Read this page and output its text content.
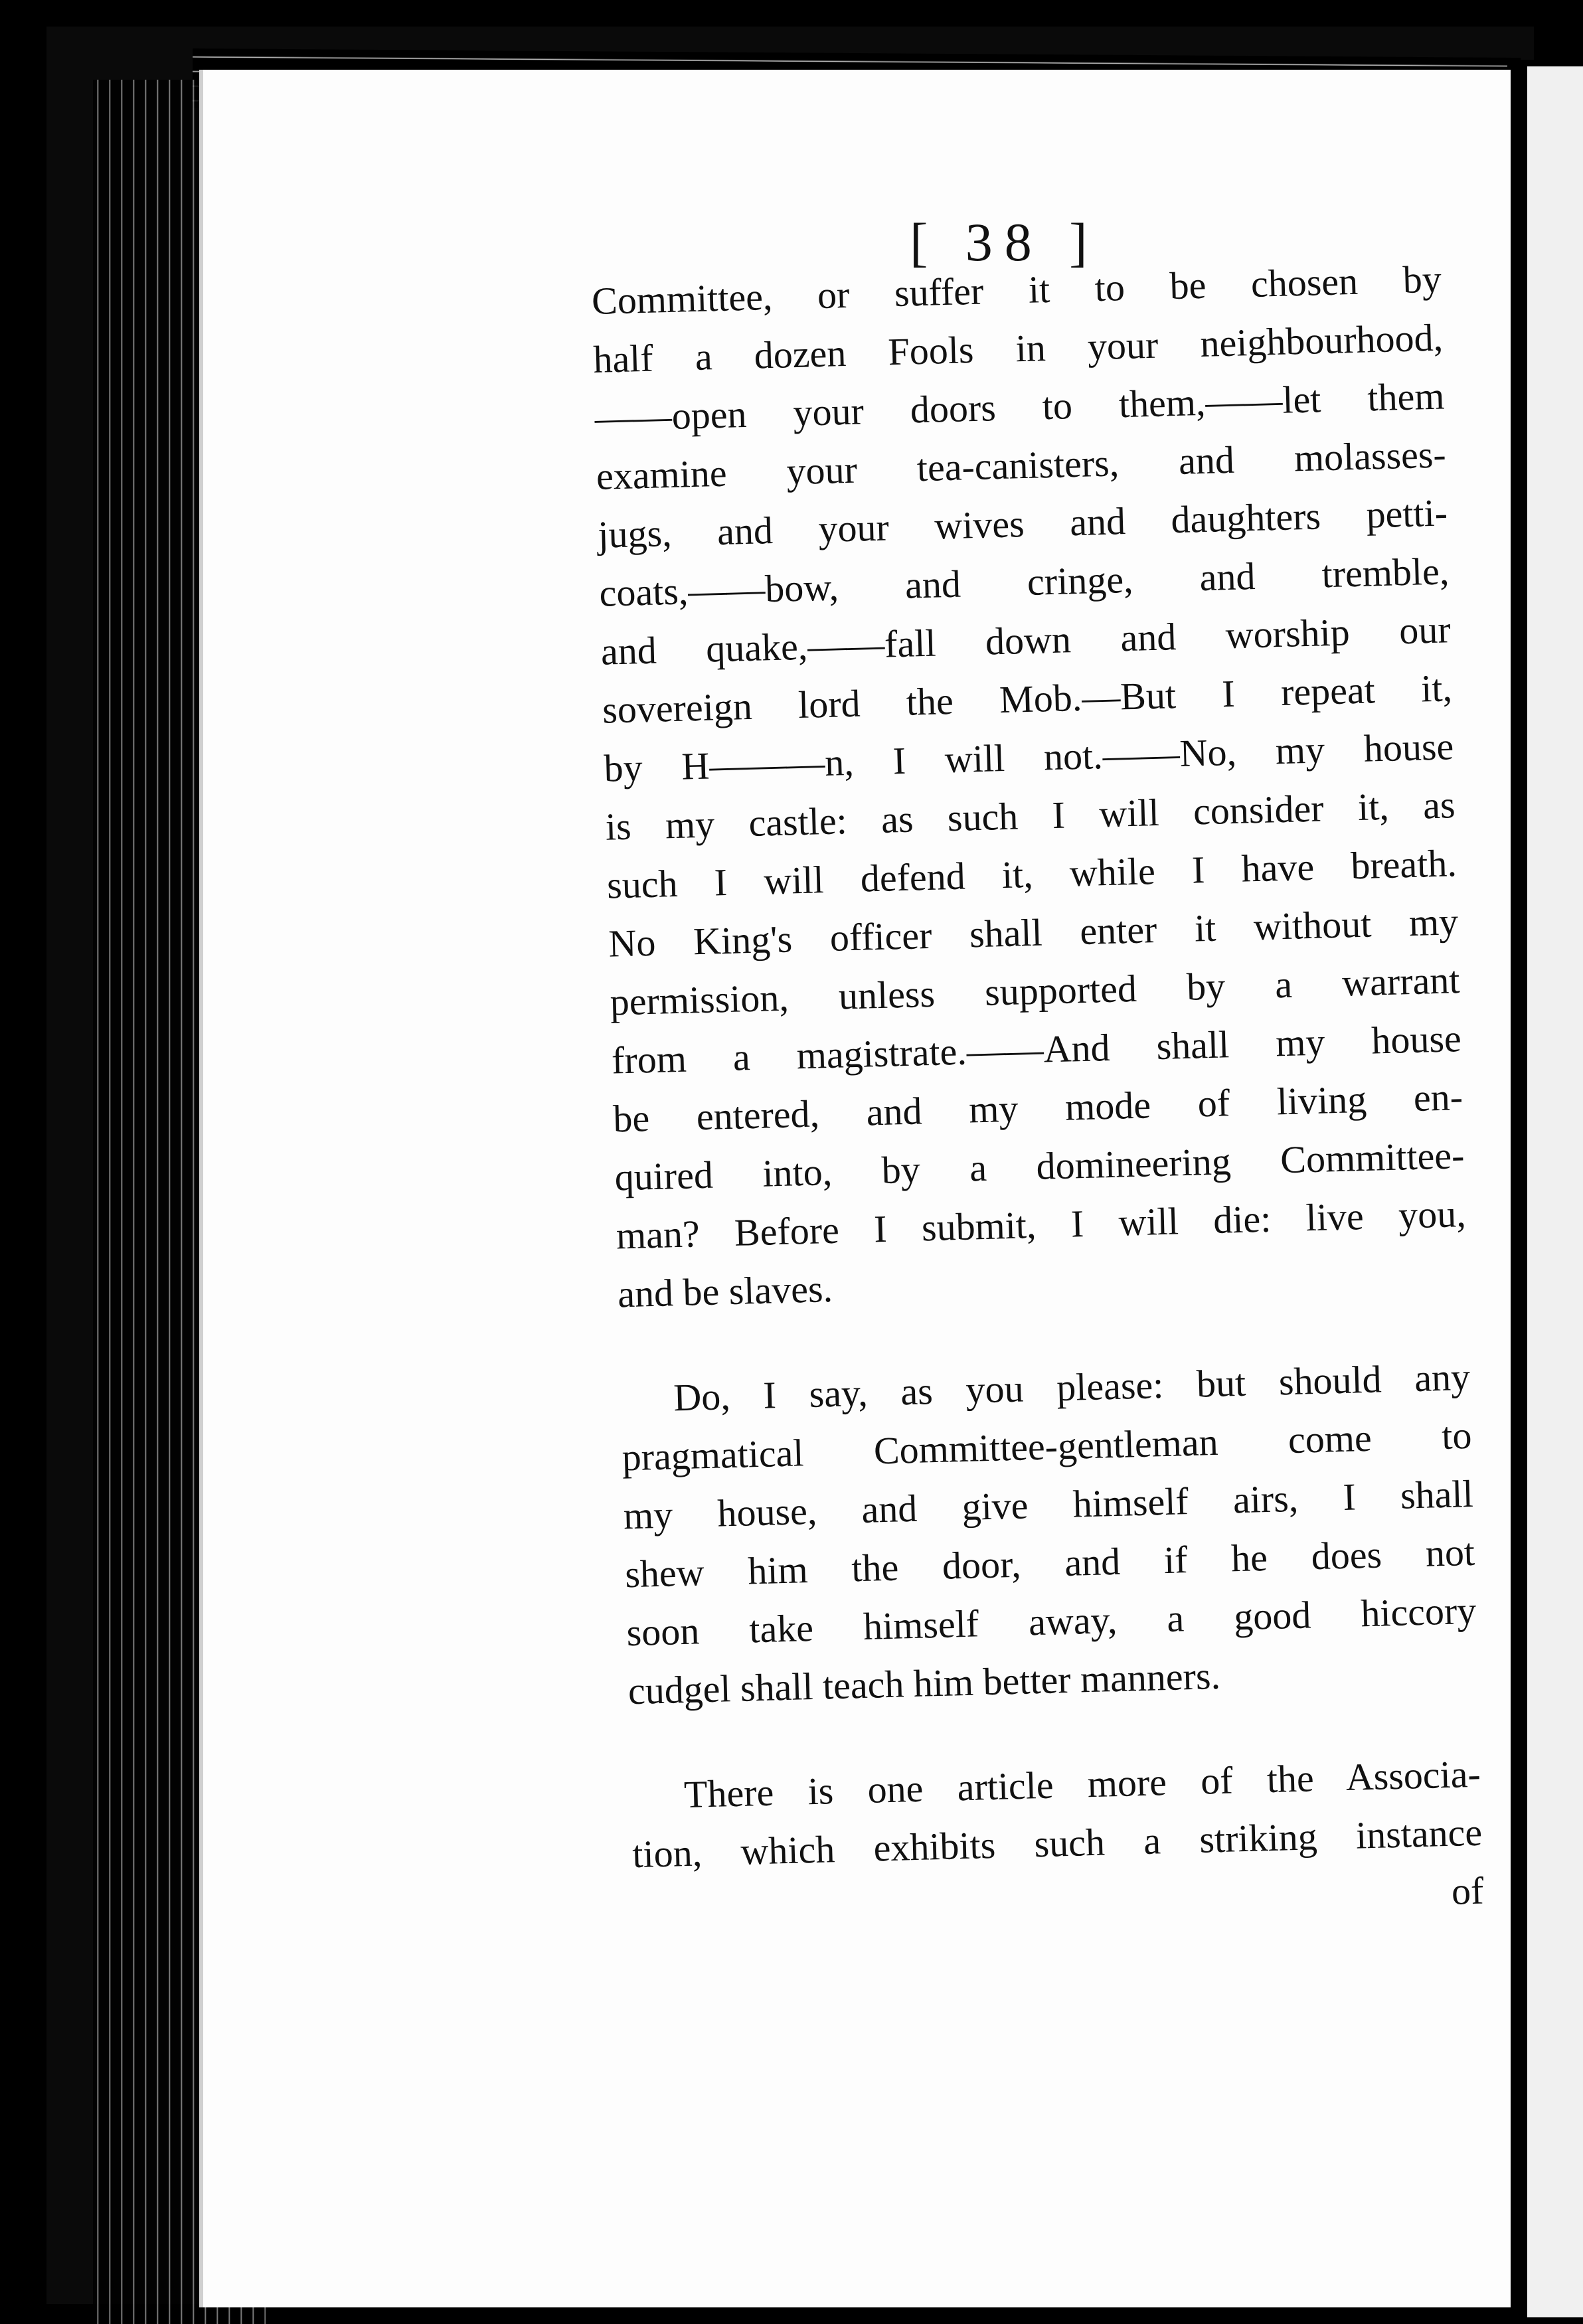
[ 38 ]
Committee, or suffer it to be chosen by
half a dozen Fools in your neighbourhood,
——open your doors to them,——let them
examine your tea-canisters, and molasses-
jugs, and your wives and daughters petti-
coats,——bow, and cringe, and tremble,
and quake,——fall down and worship our
sovereign lord the Mob.—But I repeat it,
by H———n, I will not.——No, my house
is my castle: as such I will consider it, as
such I will defend it, while I have breath.
No King's officer shall enter it without my
permission, unless supported by a warrant
from a magistrate.——And shall my house
be entered, and my mode of living en-
quired into, by a domineering Committee-
man? Before I submit, I will die: live you,
and be slaves.
Do, I say, as you please: but should any
pragmatical Committee-gentleman come to
my house, and give himself airs, I shall
shew him the door, and if he does not
soon take himself away, a good hiccory
cudgel shall teach him better manners.
There is one article more of the Associa-
tion, which exhibits such a striking instance
of
